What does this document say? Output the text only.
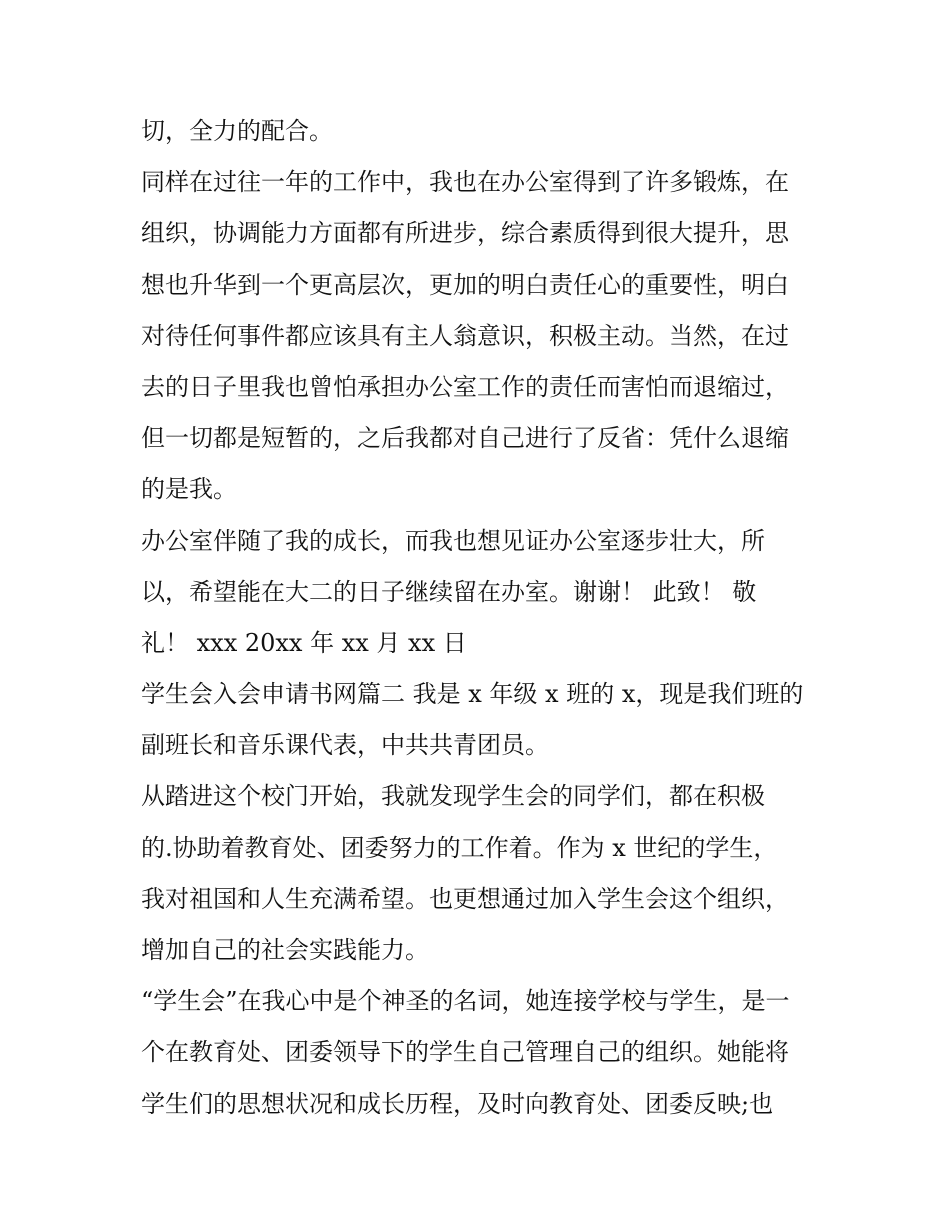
切，全力的配合。
同样在过往一年的工作中，我也在办公室得到了许多锻炼，在
组织，协调能力方面都有所进步，综合素质得到很大提升，思
想也升华到一个更高层次，更加的明白责任心的重要性，明白
对待任何事件都应该具有主人翁意识，积极主动。当然，在过
去的日子里我也曾怕承担办公室工作的责任而害怕而退缩过，
但一切都是短暂的，之后我都对自己进行了反省：凭什么退缩
的是我。
办公室伴随了我的成长，而我也想见证办公室逐步壮大，所
以，希望能在大二的日子继续留在办室。谢谢！ 此致！ 敬
礼！ xxx 20xx 年 xx 月 xx 日
学生会入会申请书网篇二 我是 x 年级 x 班的 x，现是我们班的
副班长和音乐课代表，中共共青团员。
从踏进这个校门开始，我就发现学生会的同学们，都在积极
的.协助着教育处、团委努力的工作着。作为 x 世纪的学生，
我对祖国和人生充满希望。也更想通过加入学生会这个组织，
增加自己的社会实践能力。
“学生会”在我心中是个神圣的名词，她连接学校与学生，是一
个在教育处、团委领导下的学生自己管理自己的组织。她能将
学生们的思想状况和成长历程，及时向教育处、团委反映;也
